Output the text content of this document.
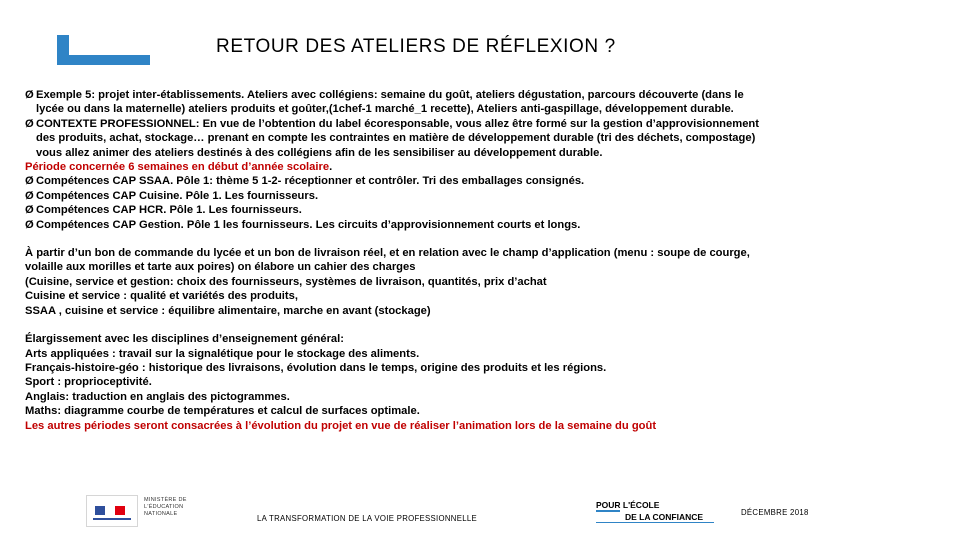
RETOUR DES ATELIERS DE RÉFLEXION ?
Ø Exemple 5: projet inter-établissements. Ateliers avec collégiens: semaine du goût, ateliers dégustation, parcours découverte (dans le
lycée ou dans la maternelle) ateliers produits et goûter,(1chef-1 marché_1 recette), Ateliers anti-gaspillage, développement durable.
Ø CONTEXTE PROFESSIONNEL: En vue de l’obtention du label écoresponsable, vous allez être formé sur la gestion d’approvisionnement
des produits, achat, stockage… prenant en compte les contraintes en matière de développement durable (tri des déchets, compostage)
vous allez animer des ateliers destinés à des collégiens afin de les sensibiliser au développement durable.
Période concernée 6 semaines en début d’année scolaire.
Ø Compétences CAP SSAA. Pôle 1: thème 5 1-2- réceptionner et contrôler. Tri des emballages consignés.
Ø Compétences CAP Cuisine. Pôle 1. Les fournisseurs.
Ø Compétences CAP HCR. Pôle 1. Les fournisseurs.
Ø Compétences CAP Gestion. Pôle 1 les fournisseurs. Les circuits d’approvisionnement courts et longs.
À partir d’un bon de commande du lycée et un bon de livraison réel, et en relation avec le champ d’application (menu : soupe de courge,
volaille aux morilles et tarte aux poires) on élabore un cahier des charges
(Cuisine, service et gestion: choix des fournisseurs, systèmes de livraison, quantités, prix d’achat
Cuisine et service : qualité et variétés des produits,
SSAA , cuisine et service : équilibre alimentaire, marche en avant (stockage)
Élargissement avec les disciplines d’enseignement général:
Arts appliquées : travail sur la signalétique pour le stockage des aliments.
Français-histoire-géo : historique des livraisons, évolution dans le temps, origine des produits et les régions.
Sport : proprioceptivité.
Anglais: traduction en anglais des pictogrammes.
Maths: diagramme courbe de températures et calcul de surfaces optimale.
Les autres périodes seront consacrées à l’évolution du projet en vue de réaliser l’animation lors de la semaine du goût
MINISTÈRE DE L'ÉDUCATION NATIONALE	LA TRANSFORMATION DE LA VOIE PROFESSIONNELLE
POUR L'ÉCOLE
DE LA CONFIANCE	DÉCEMBRE 2018
